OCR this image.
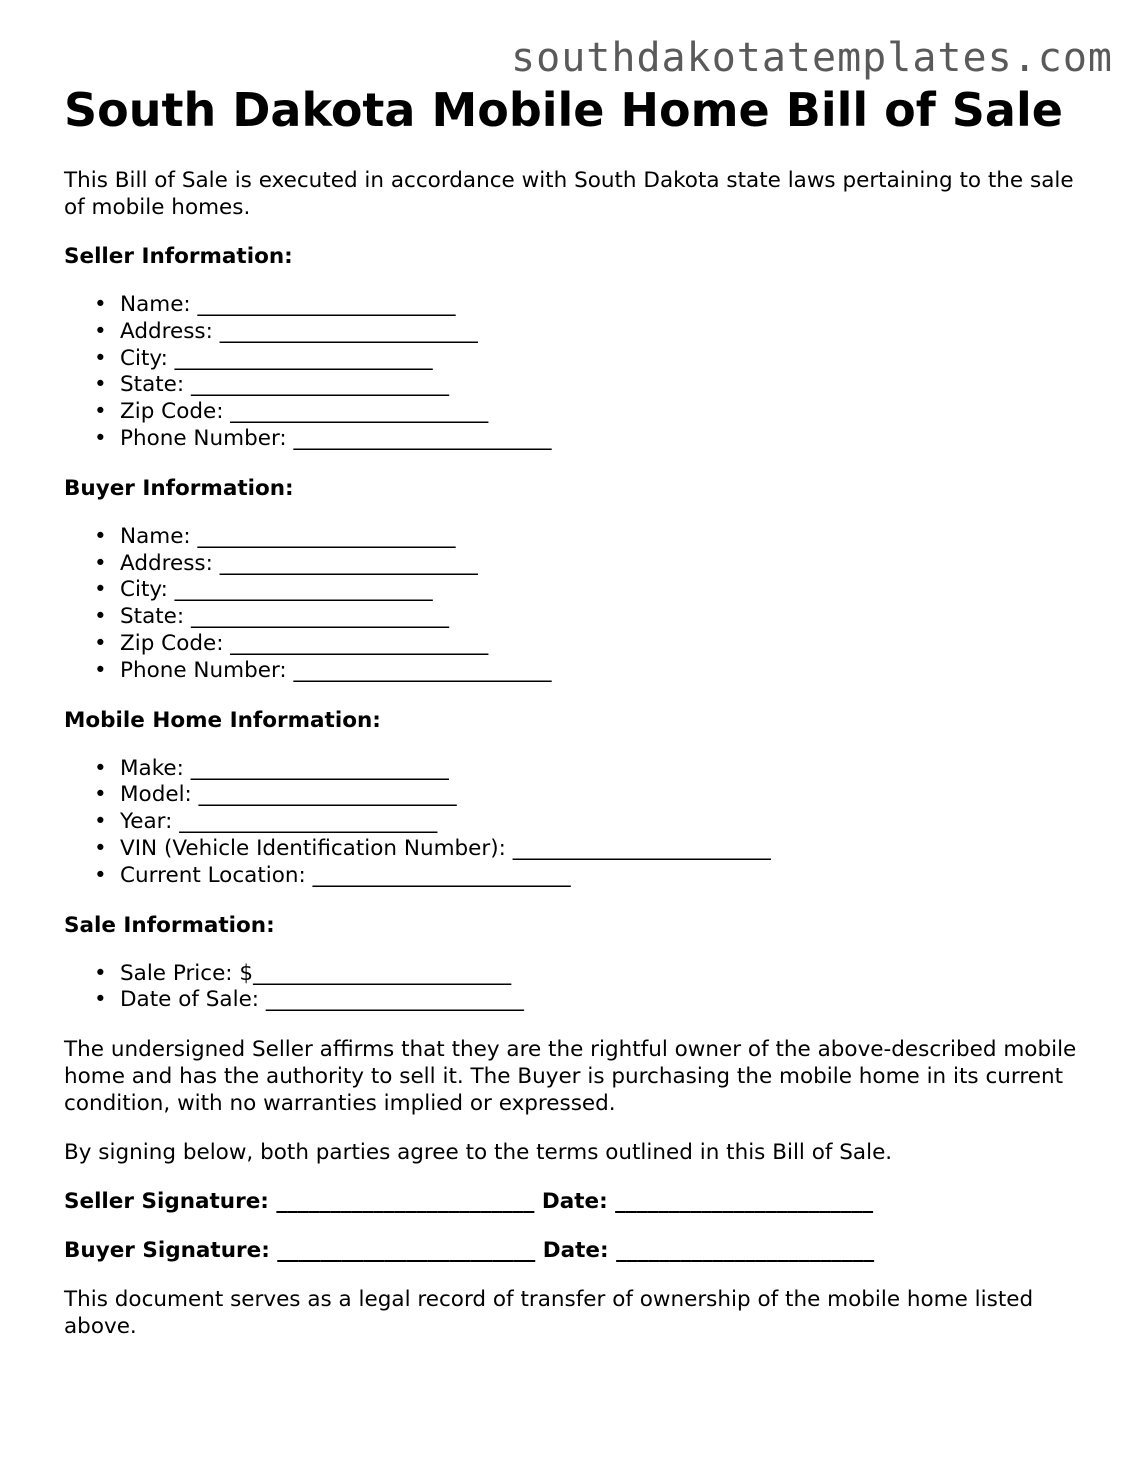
southdakotatemplates.com
South Dakota Mobile Home Bill of Sale

This Bill of Sale is executed in accordance with South Dakota state laws pertaining to the sale of mobile homes.

Seller Information:
• Name: ________________________
• Address: ________________________
• City: ________________________
• State: ________________________
• Zip Code: ________________________
• Phone Number: ________________________
Buyer Information:
• Name: ________________________
• Address: ________________________
• City: ________________________
• State: ________________________
• Zip Code: ________________________
• Phone Number: ________________________
Mobile Home Information:
• Make: ________________________
• Model: ________________________
• Year: ________________________
• VIN (Vehicle Identification Number): ________________________
• Current Location: ________________________
Sale Information:
• Sale Price: $________________________
• Date of Sale: ________________________

The undersigned Seller affirms that they are the rightful owner of the above-described mobile home and has the authority to sell it. The Buyer is purchasing the mobile home in its current condition, with no warranties implied or expressed.

By signing below, both parties agree to the terms outlined in this Bill of Sale.

Seller Signature: ________________________ Date: ________________________
Buyer Signature: ________________________ Date: ________________________

This document serves as a legal record of transfer of ownership of the mobile home listed above.
